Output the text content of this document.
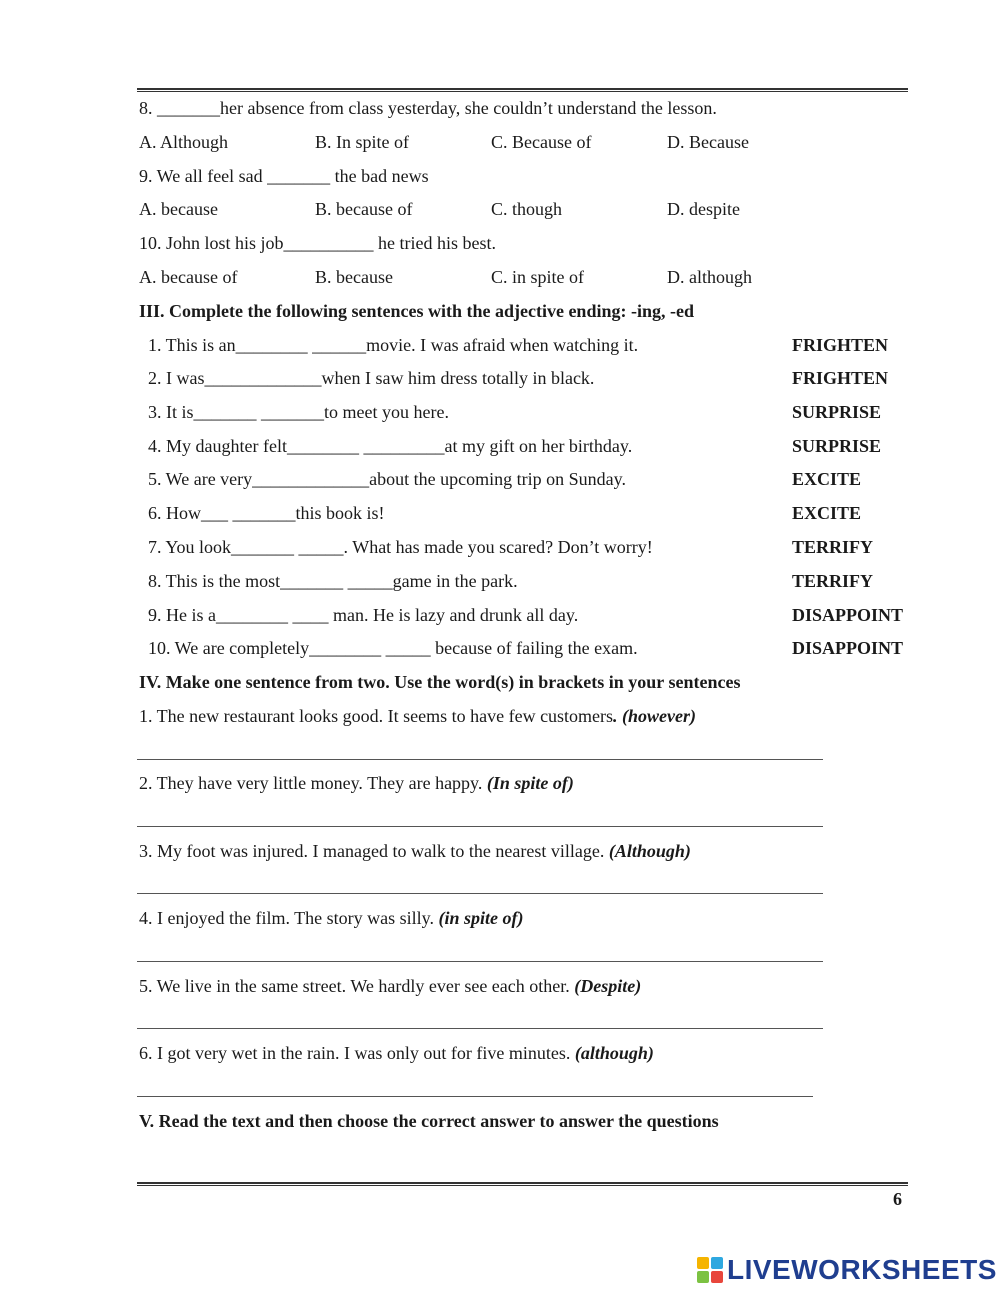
8. _______her absence from class yesterday, she couldn’t understand the lesson.
A. Although	B. In spite of	C. Because of	D. Because
9. We all feel sad _______ the bad news
A. because	B. because of	C. though	D. despite
10. John lost his job__________ he tried his best.
A. because of	B. because	C. in spite of	D. although
III. Complete the following sentences with the adjective ending: -ing, -ed
1. This is an________ ______movie. I was afraid when watching it.	FRIGHTEN
2. I was_____________when I saw him dress totally in black.	FRIGHTEN
3. It is_______ _______to meet you here.	SURPRISE
4. My daughter felt________ _________at my gift on her birthday.	SURPRISE
5. We are very_____________about the upcoming trip on Sunday.	EXCITE
6. How___ _______this book is!	EXCITE
7. You look_______ _____. What has made you scared? Don’t worry!	TERRIFY
8. This is the most_______ _____game in the park.	TERRIFY
9. He is a________ ____ man. He is lazy and drunk all day.	DISAPPOINT
10. We are completely________ _____ because of failing the exam.	DISAPPOINT
IV. Make one sentence from two. Use the word(s) in brackets in your sentences
1. The new restaurant looks good. It seems to have few customers. (however)
2. They have very little money. They are happy. (In spite of)
3. My foot was injured. I managed to walk to the nearest village. (Although)
4. I enjoyed the film. The story was silly. (in spite of)
5. We live in the same street. We hardly ever see each other. (Despite)
6. I got very wet in the rain. I was only out for five minutes. (although)
V. Read the text and then choose the correct answer to answer the questions
6
LIVEWORKSHEETS
